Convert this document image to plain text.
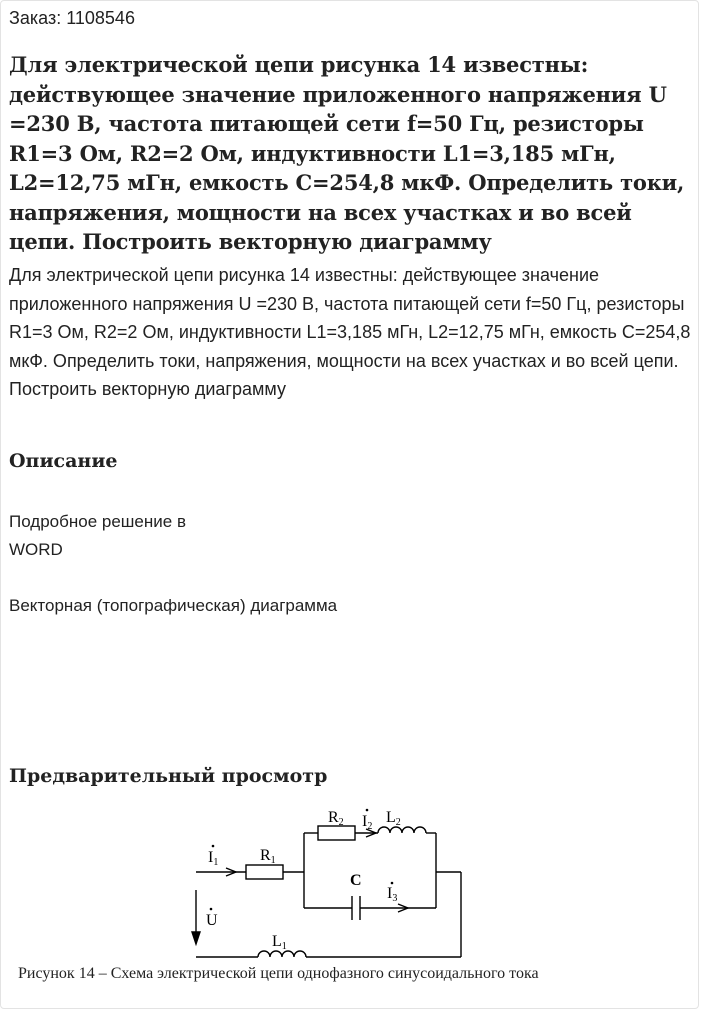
Заказ: 1108546
Для электрической цепи рисунка 14 известны: действующее значение приложенного напряжения U =230 В, частота питающей сети f=50 Гц, резисторы R1=3 Ом, R2=2 Ом, индуктивности L1=3,185 мГн, L2=12,75 мГн, емкость C=254,8 мкФ. Определить токи, напряжения, мощности на всех участках и во всей цепи. Построить векторную диаграмму

Для электрической цепи рисунка 14 известны: действующее значение приложенного напряжения U =230 В, частота питающей сети f=50 Гц, резисторы R1=3 Ом, R2=2 Ом, индуктивности L1=3,185 мГн, L2=12,75 мГн, емкость C=254,8 мкФ. Определить токи, напряжения, мощности на всех участках и во всей цепи. Построить векторную диаграмму

Описание
Подробное решение в
WORD
Векторная (топографическая) диаграмма
Предварительный просмотр
I1	R1
R2 I2
L2
C
I3
U
L1
Рисунок 14 – Схема электрической цепи однофазного синусоидального тока
